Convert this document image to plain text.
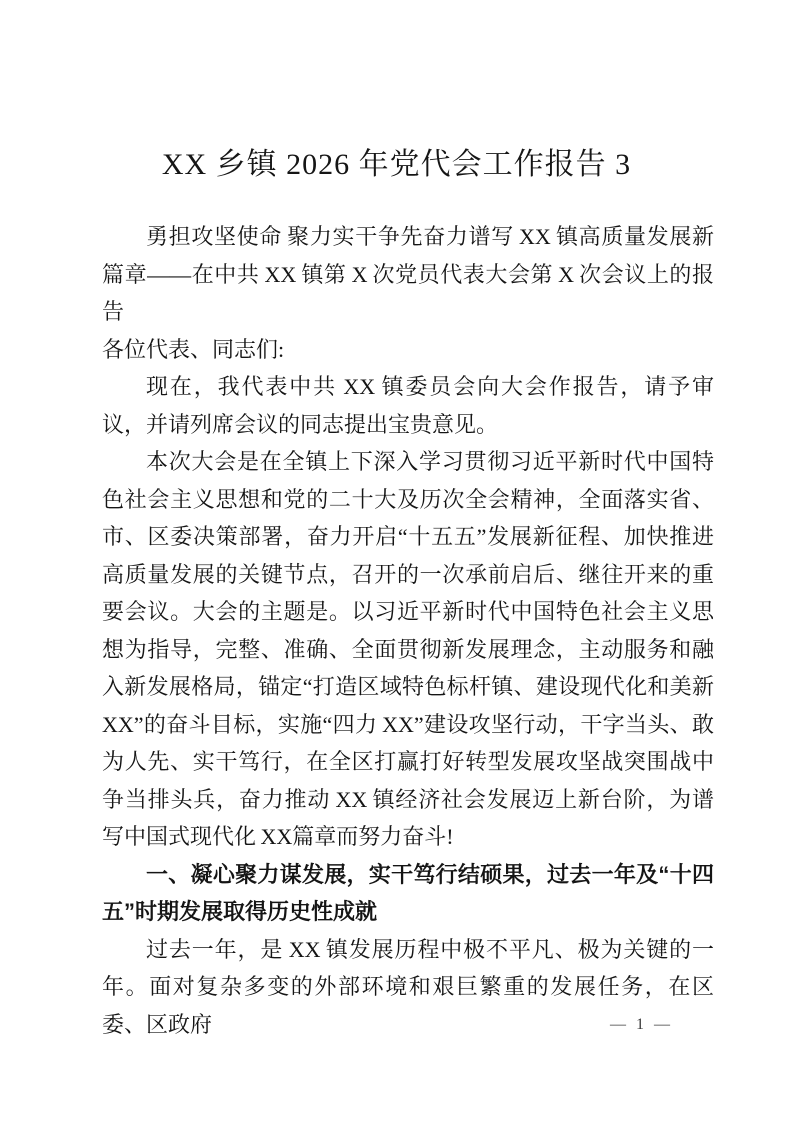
XX 乡镇 2026 年党代会工作报告 3

勇担攻坚使命 聚力实干争先奋力谱写 XX 镇高质量发展新篇章——在中共 XX 镇第 X 次党员代表大会第 X 次会议上的报告

各位代表、同志们:

现在，我代表中共 XX 镇委员会向大会作报告，请予审议，并请列席会议的同志提出宝贵意见。

本次大会是在全镇上下深入学习贯彻习近平新时代中国特色社会主义思想和党的二十大及历次全会精神，全面落实省、市、区委决策部署，奋力开启“十五五”发展新征程、加快推进高质量发展的关键节点，召开的一次承前启后、继往开来的重要会议。大会的主题是。以习近平新时代中国特色社会主义思想为指导，完整、准确、全面贯彻新发展理念，主动服务和融入新发展格局，锚定“打造区域特色标杆镇、建设现代化和美新 XX”的奋斗目标，实施“四力 XX”建设攻坚行动，干字当头、敢为人先、实干笃行，在全区打赢打好转型发展攻坚战突围战中争当排头兵，奋力推动 XX 镇经济社会发展迈上新台阶，为谱写中国式现代化 XX篇章而努力奋斗!

一、凝心聚力谋发展，实干笃行结硕果，过去一年及“十四五”时期发展取得历史性成就

过去一年，是 XX 镇发展历程中极不平凡、极为关键的一年。面对复杂多变的外部环境和艰巨繁重的发展任务，在区委、区政府	— 1 —
